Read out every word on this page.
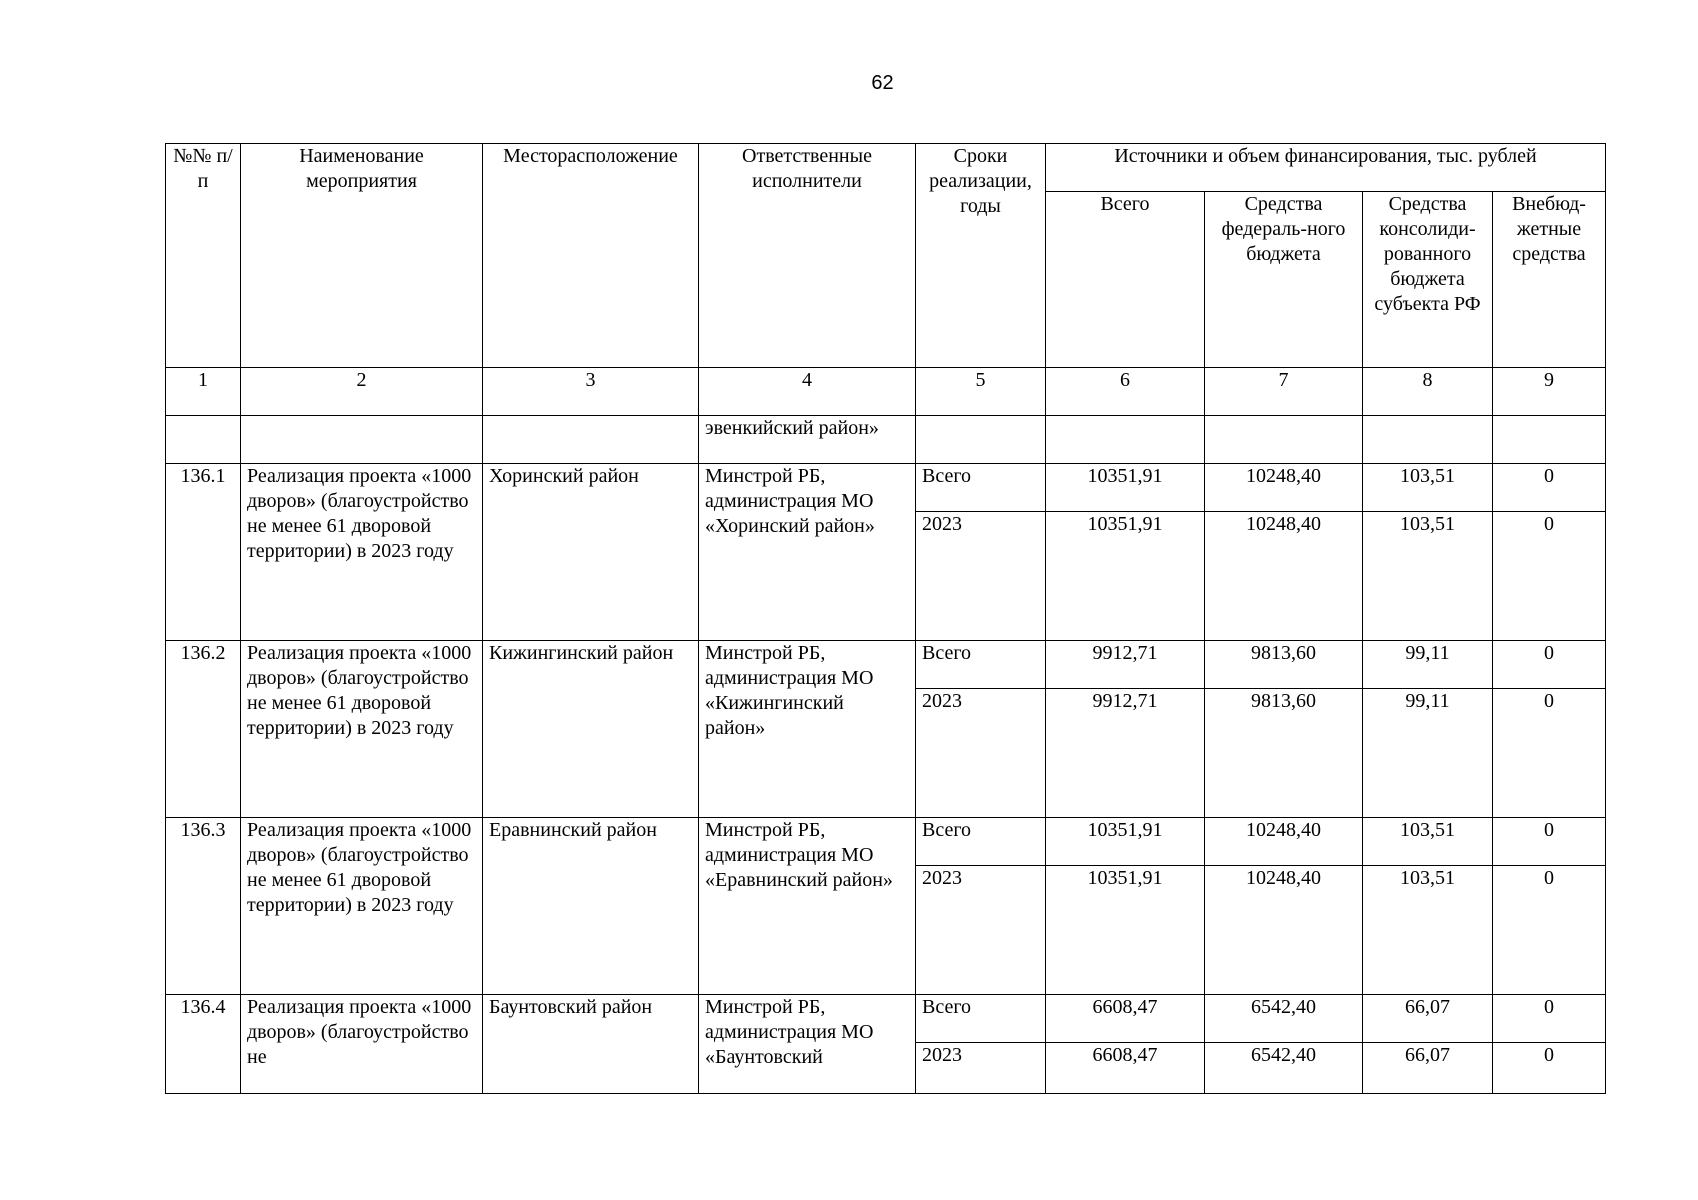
62
№№ п/п	Наименование мероприятия	Месторасположение	Ответственные исполнители	Сроки реализации, годы	Источники и объем финансирования, тыс. рублей			
					Всего	Средства федераль-ного бюджета	Средства консолиди-рованного бюджета субъекта РФ	Внебюд-жетные средства
1	2	3	4	5	6	7	8	9
			эвенкийский район»					
136.1	Реализация проекта «1000 дворов» (благоустройство не менее 61 дворовой территории) в 2023 году	Хоринский район	Минстрой РБ, администрация МО «Хоринский район»	Всего	10351,91	10248,40	103,51	0
				2023	10351,91	10248,40	103,51	0
136.2	Реализация проекта «1000 дворов» (благоустройство не менее 61 дворовой территории) в 2023 году	Кижингинский район	Минстрой РБ, администрация МО «Кижингинский район»	Всего	9912,71	9813,60	99,11	0
				2023	9912,71	9813,60	99,11	0
136.3	Реализация проекта «1000 дворов» (благоустройство не менее 61 дворовой территории) в 2023 году	Еравнинский район	Минстрой РБ, администрация МО «Еравнинский район»	Всего	10351,91	10248,40	103,51	0
				2023	10351,91	10248,40	103,51	0
136.4	Реализация проекта «1000 дворов» (благоустройство не	Баунтовский район	Минстрой РБ, администрация МО «Баунтовский	Всего	6608,47	6542,40	66,07	0
				2023	6608,47	6542,40	66,07	0
